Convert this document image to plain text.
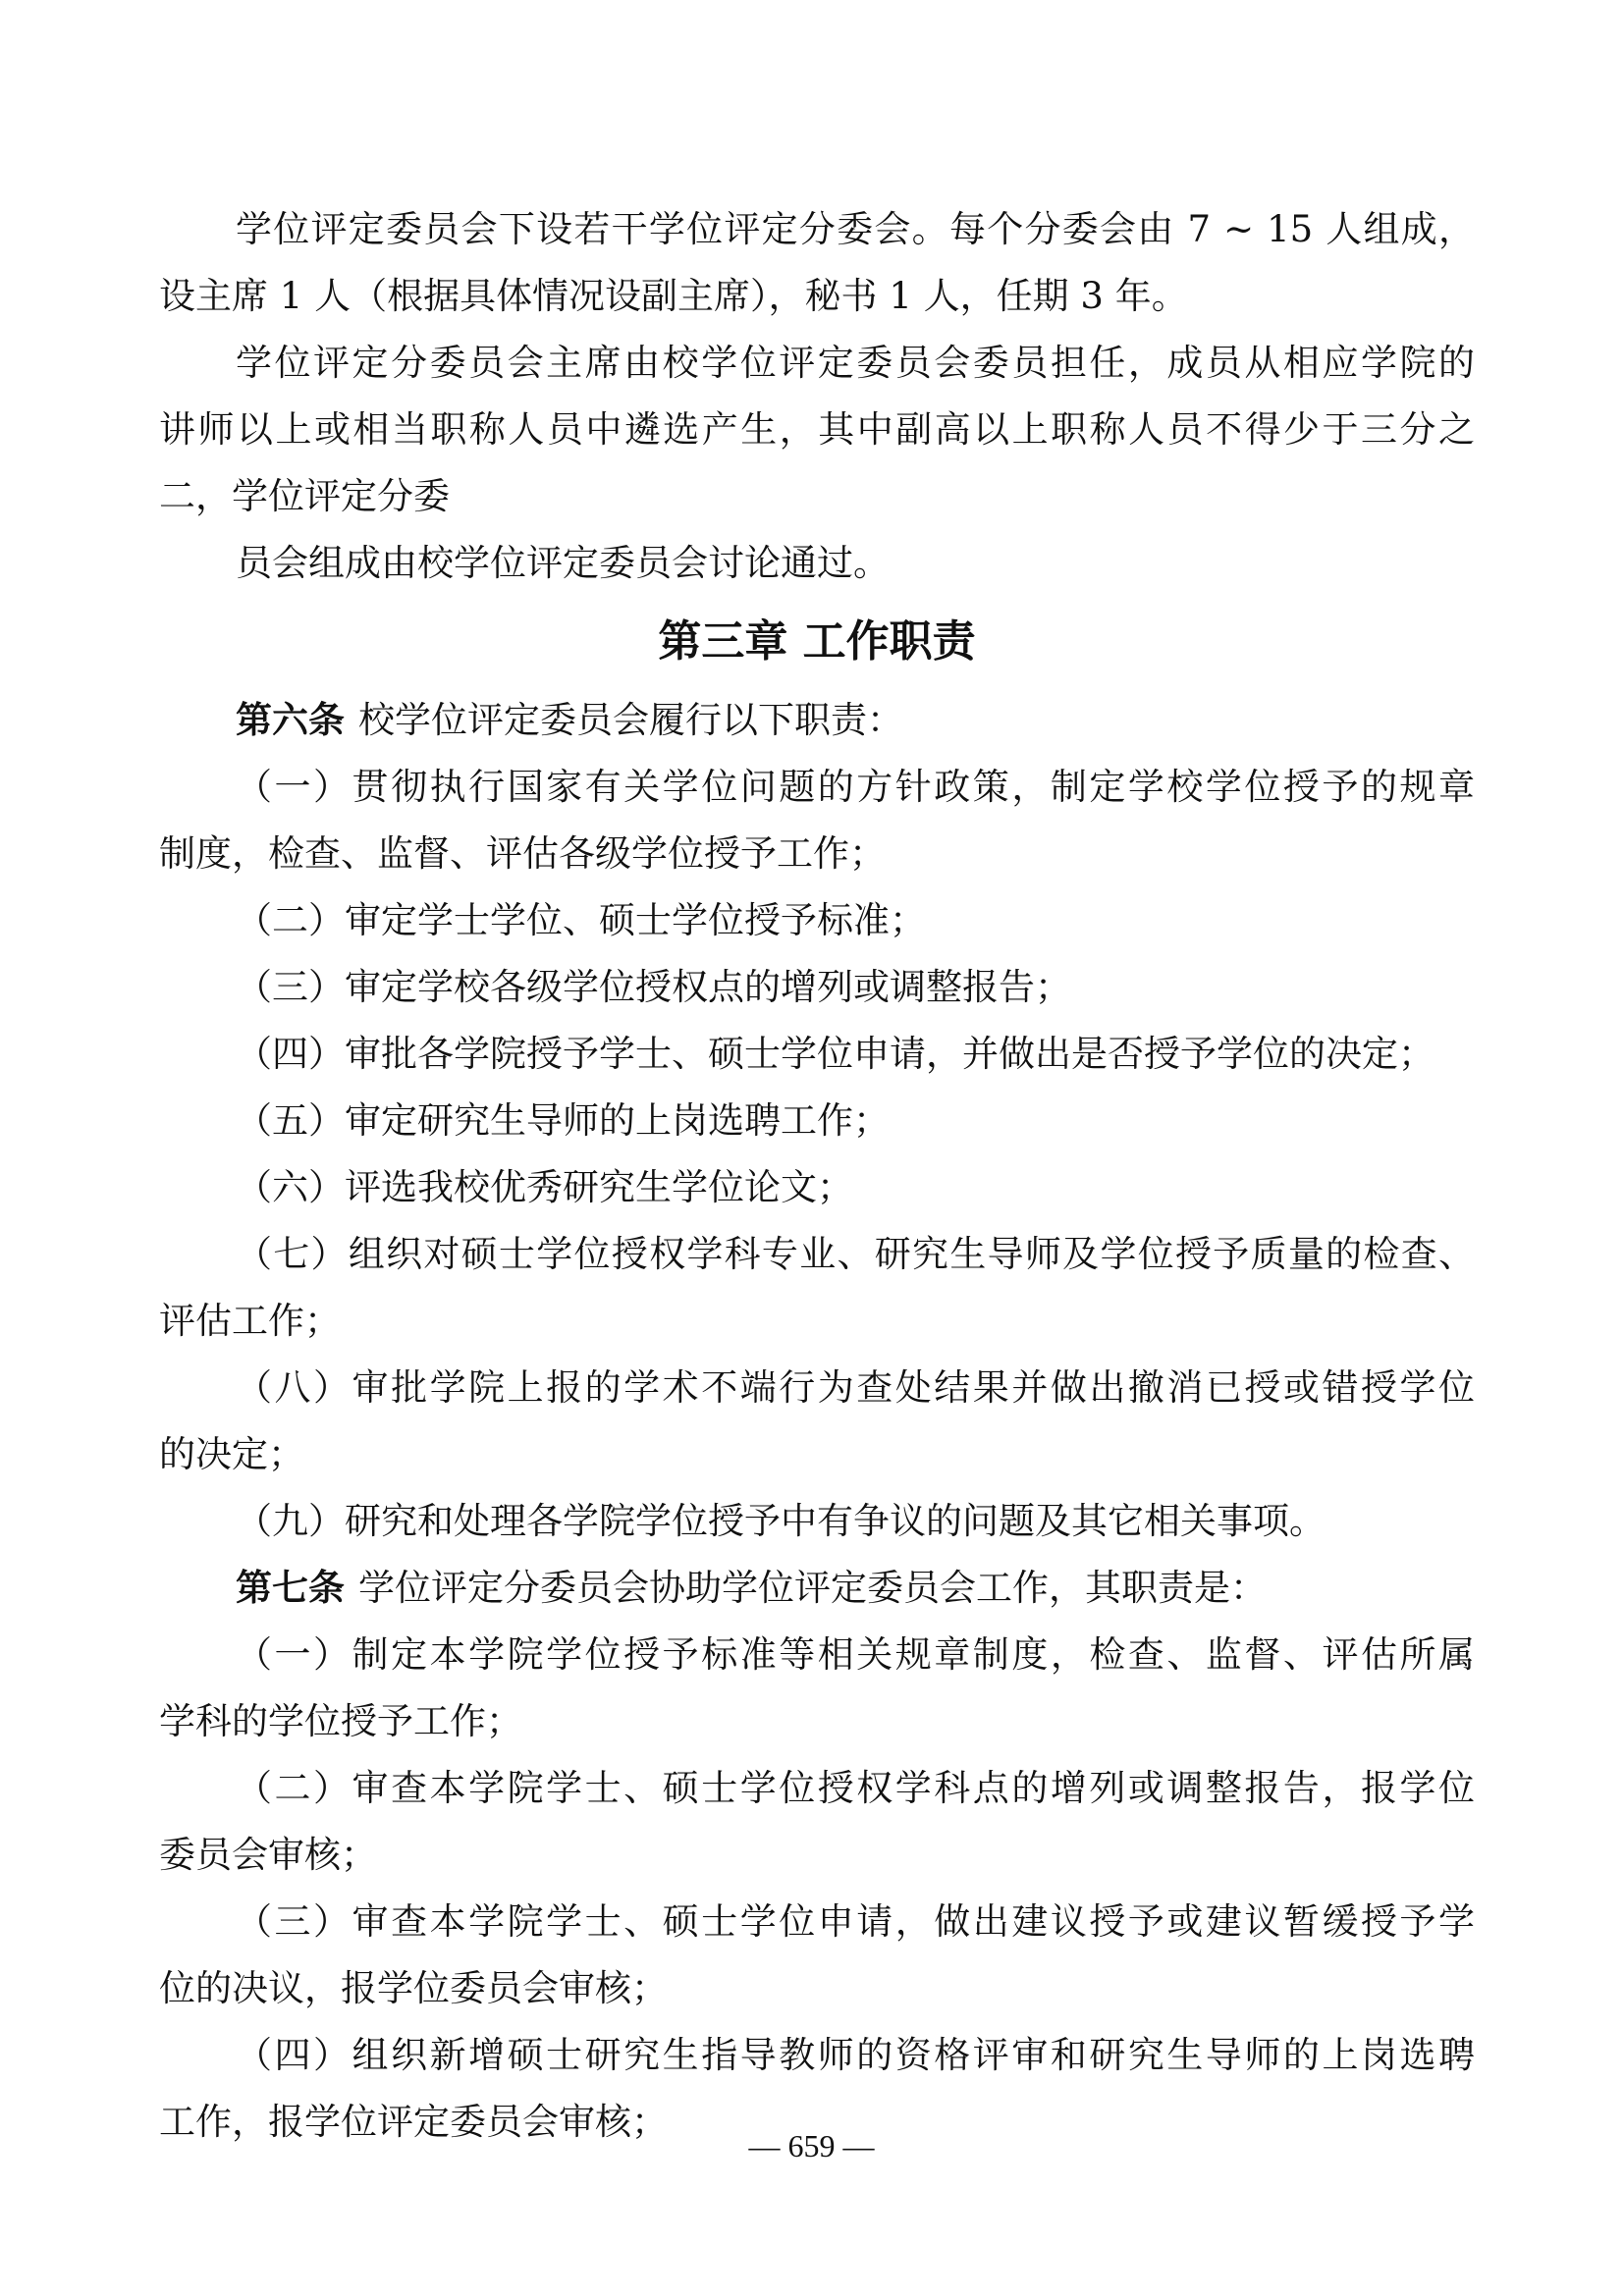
学位评定委员会下设若干学位评定分委会。每个分委会由 7 ~ 15 人组成，
设主席 1 人（根据具体情况设副主席），秘书 1 人，任期 3 年。
学位评定分委员会主席由校学位评定委员会委员担任，成员从相应学院的
讲师以上或相当职称人员中遴选产生，其中副高以上职称人员不得少于三分之
二，学位评定分委
员会组成由校学位评定委员会讨论通过。
第三章 工作职责
第六条 校学位评定委员会履行以下职责：
（一）贯彻执行国家有关学位问题的方针政策，制定学校学位授予的规章
制度，检查、监督、评估各级学位授予工作；
（二）审定学士学位、硕士学位授予标准；
（三）审定学校各级学位授权点的增列或调整报告；
（四）审批各学院授予学士、硕士学位申请，并做出是否授予学位的决定；
（五）审定研究生导师的上岗选聘工作；
（六）评选我校优秀研究生学位论文；
（七）组织对硕士学位授权学科专业、研究生导师及学位授予质量的检查、
评估工作；
（八）审批学院上报的学术不端行为查处结果并做出撤消已授或错授学位
的决定；
（九）研究和处理各学院学位授予中有争议的问题及其它相关事项。
第七条 学位评定分委员会协助学位评定委员会工作，其职责是：
（一）制定本学院学位授予标准等相关规章制度，检查、监督、评估所属
学科的学位授予工作；
（二）审查本学院学士、硕士学位授权学科点的增列或调整报告，报学位
委员会审核；
（三）审查本学院学士、硕士学位申请，做出建议授予或建议暂缓授予学
位的决议，报学位委员会审核；
（四）组织新增硕士研究生指导教师的资格评审和研究生导师的上岗选聘
工作，报学位评定委员会审核；
— 659 —
